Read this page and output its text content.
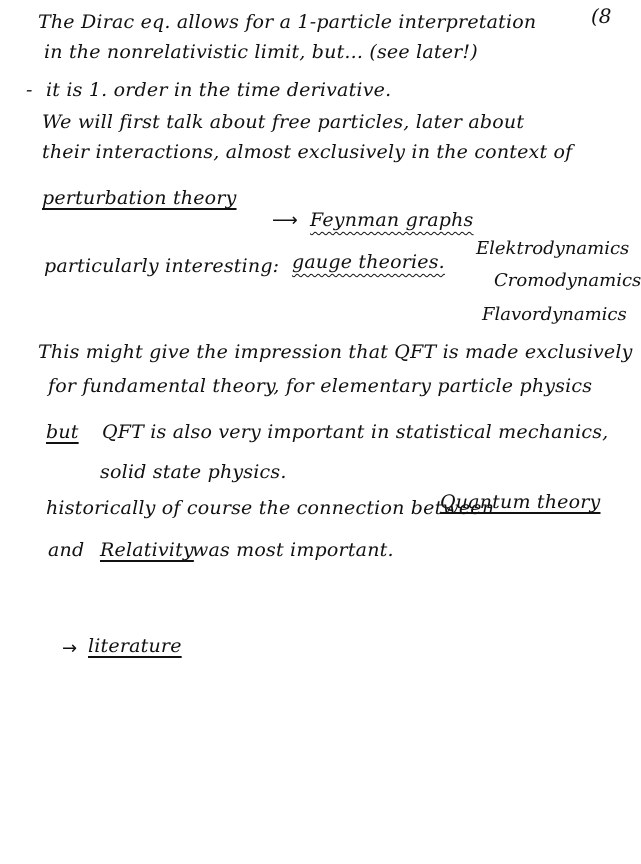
(8
The Dirac eq. allows for a 1-particle interpretation
in the nonrelativistic limit, but... (see later!)
- it is 1. order in the time derivative.
We will first talk about free particles, later about
their interactions, almost exclusively in the context of
perturbation theory
⟶ Feynman graphs
particularly interesting: gauge theories.
Elektrodynamics
Cromodynamics
Flavordynamics
This might give the impression that QFT is made exclusively
for fundamental theory, for elementary particle physics
but QFT is also very important in statistical mechanics,
solid state physics.
historically of course the connection between
Quantum theory
and Relativity
was most important.
→ literature
